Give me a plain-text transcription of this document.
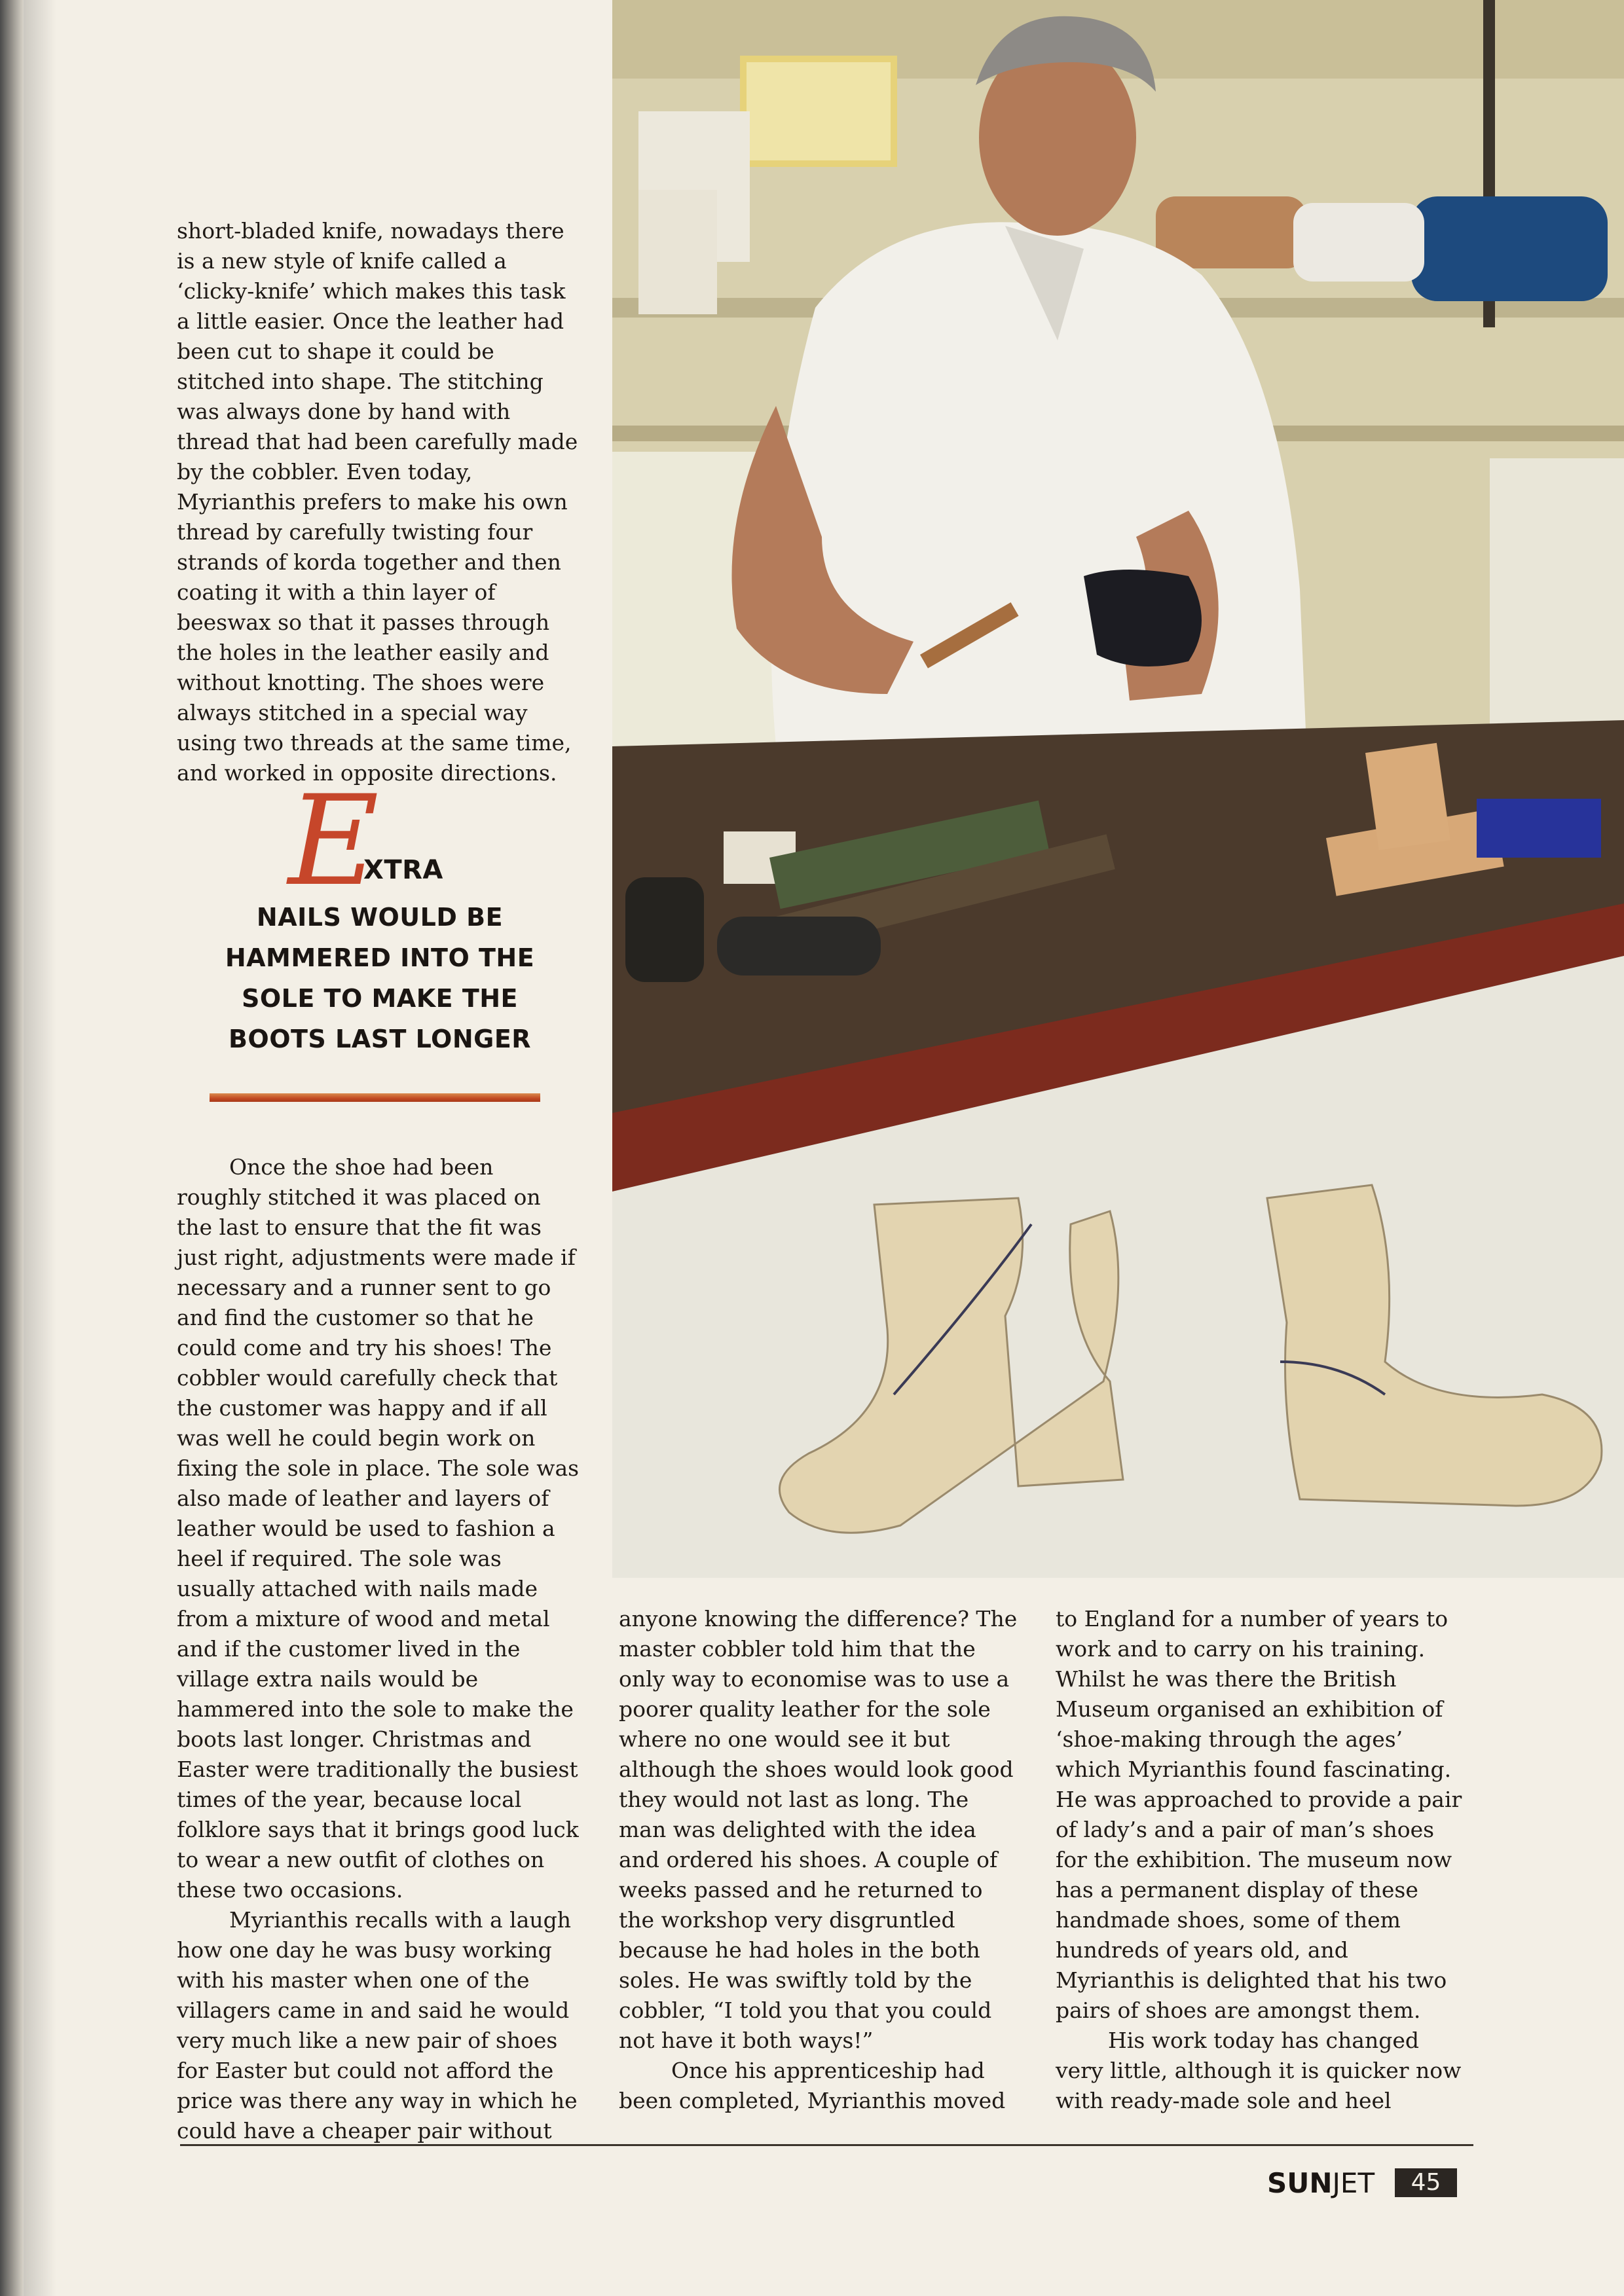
short-bladed knife, nowadays there is a new style of knife called a ‘clicky-knife’ which makes this task a little easier. Once the leather had been cut to shape it could be stitched into shape. The stitching was always done by hand with thread that had been carefully made by the cobbler. Even today, Myrianthis prefers to make his own thread by carefully twisting four strands of korda together and then coating it with a thin layer of beeswax so that it passes through the holes in the leather easily and without knotting. The shoes were always stitched in a special way using two threads at the same time, and worked in opposite directions.

E
XTRA
NAILS WOULD BE
HAMMERED INTO THE
SOLE TO MAKE THE
BOOTS LAST LONGER

Once the shoe had been roughly stitched it was placed on the last to ensure that the fit was just right, adjustments were made if necessary and a runner sent to go and find the customer so that he could come and try his shoes! The cobbler would carefully check that the customer was happy and if all was well he could begin work on fixing the sole in place. The sole was also made of leather and layers of leather would be used to fashion a heel if required. The sole was usually attached with nails made from a mixture of wood and metal and if the customer lived in the village extra nails would be hammered into the sole to make the boots last longer. Christmas and Easter were traditionally the busiest times of the year, because local folklore says that it brings good luck to wear a new outfit of clothes on these two occasions.

Myrianthis recalls with a laugh how one day he was busy working with his master when one of the villagers came in and said he would very much like a new pair of shoes for Easter but could not afford the price was there any way in which he could have a cheaper pair without

anyone knowing the difference? The master cobbler told him that the only way to economise was to use a poorer quality leather for the sole where no one would see it but although the shoes would look good they would not last as long. The man was delighted with the idea and ordered his shoes. A couple of weeks passed and he returned to the workshop very disgruntled because he had holes in the both soles. He was swiftly told by the cobbler, “I told you that you could not have it both ways!”

Once his apprenticeship had been completed, Myrianthis moved

to England for a number of years to work and to carry on his training. Whilst he was there the British Museum organised an exhibition of ‘shoe-making through the ages’ which Myrianthis found fascinating. He was approached to provide a pair of lady’s and a pair of man’s shoes for the exhibition. The museum now has a permanent display of these handmade shoes, some of them hundreds of years old, and Myrianthis is delighted that his two pairs of shoes are amongst them.

His work today has changed very little, although it is quicker now with ready-made sole and heel

SUNJET	45
